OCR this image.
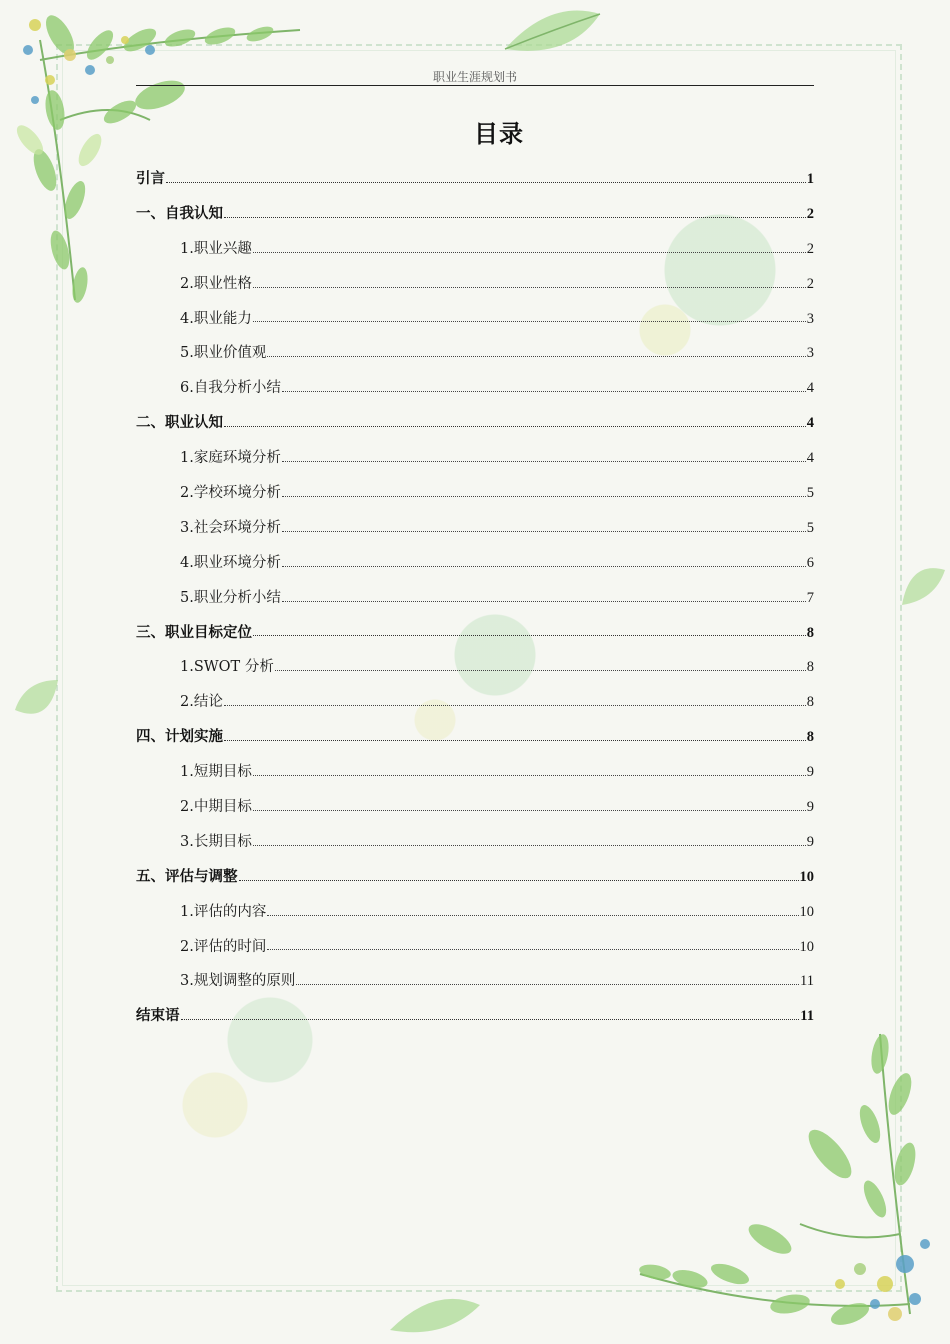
职业生涯规划书
目录
引言	1
一、自我认知	2
1.职业兴趣	2
2.职业性格	2
4.职业能力	3
5.职业价值观	3
6.自我分析小结	4
二、职业认知	4
1.家庭环境分析	4
2.学校环境分析	5
3.社会环境分析	5
4.职业环境分析	6
5.职业分析小结	7
三、职业目标定位	8
1.SWOT 分析	8
2.结论	8
四、计划实施	8
1.短期目标	9
2.中期目标	9
3.长期目标	9
五、评估与调整	10
1.评估的内容	10
2.评估的时间	10
3.规划调整的原则	11
结束语	11
